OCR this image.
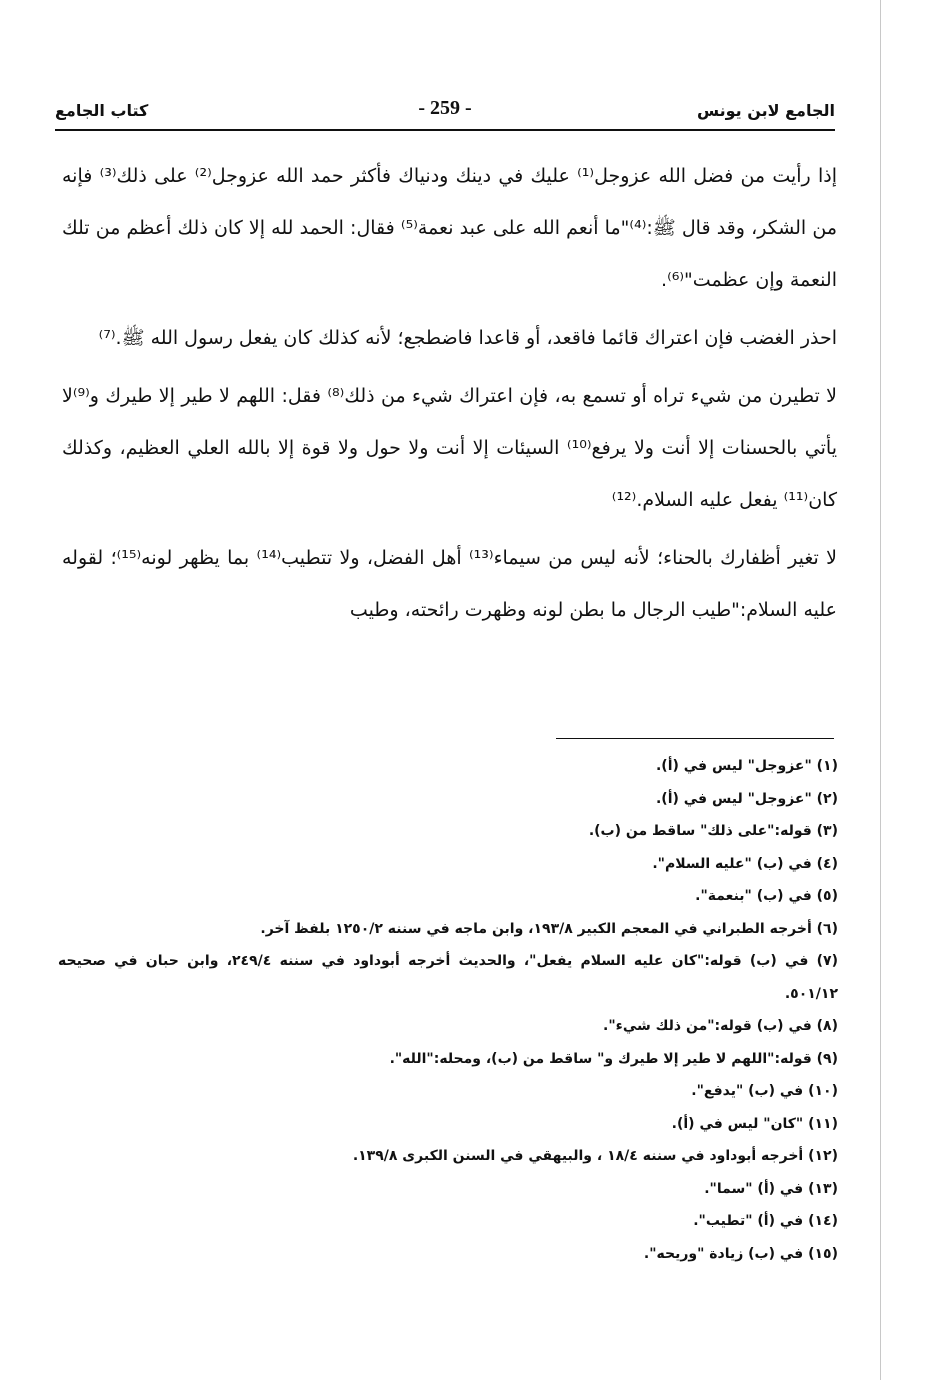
الجامع لابن يونس
- 259 -
كتاب الجامع

إذا رأيت من فضل الله عزوجل⁽¹⁾ عليك في دينك ودنياك فأكثر حمد الله عزوجل⁽²⁾ على ذلك⁽³⁾ فإنه من الشكر، وقد قال ﷺ:⁽⁴⁾"ما أنعم الله على عبد نعمة⁽⁵⁾ فقال: الحمد لله إلا كان ذلك أعظم من تلك النعمة وإن عظمت"⁽⁶⁾.

احذر الغضب فإن اعتراك قائما فاقعد، أو قاعدا فاضطجع؛ لأنه كذلك كان يفعل رسول الله ﷺ.⁽⁷⁾

لا تطيرن من شيء تراه أو تسمع به، فإن اعتراك شيء من ذلك⁽⁸⁾ فقل: اللهم لا طير إلا طيرك و⁽⁹⁾لا يأتي بالحسنات إلا أنت ولا يرفع⁽¹⁰⁾ السيئات إلا أنت ولا حول ولا قوة إلا بالله العلي العظيم، وكذلك كان⁽¹¹⁾ يفعل عليه السلام.⁽¹²⁾

لا تغير أظفارك بالحناء؛ لأنه ليس من سيماء⁽¹³⁾ أهل الفضل، ولا تتطيب⁽¹⁴⁾ بما يظهر لونه⁽¹⁵⁾؛ لقوله عليه السلام:"طيب الرجال ما بطن لونه وظهرت رائحته، وطيب

(١) "عزوجل" ليس في (أ).

(٢) "عزوجل" ليس في (أ).

(٣) قوله:"على ذلك" ساقط من (ب).

(٤) في (ب) "عليه السلام".

(٥) في (ب) "بنعمة".

(٦) أخرجه الطبراني في المعجم الكبير ١٩٣/٨، وابن ماجه في سننه ١٢٥٠/٢ بلفظ آخر.

(٧) في (ب) قوله:"كان عليه السلام يفعل"، والحديث أخرجه أبوداود في سننه ٢٤٩/٤، وابن حبان في صحيحه ٥٠١/١٢.

(٨) في (ب) قوله:"من ذلك شيء".

(٩) قوله:"اللهم لا طير إلا طيرك و" ساقط من (ب)، ومحله:"الله".

(١٠) في (ب) "يدفع".

(١١) "كان" ليس في (أ).

(١٢) أخرجه أبوداود في سننه ١٨/٤ ، والبيهقي في السنن الكبرى ١٣٩/٨.

(١٣) في (أ) "سما".

(١٤) في (أ) "تطيب".

(١٥) في (ب) زيادة "وريحه".
